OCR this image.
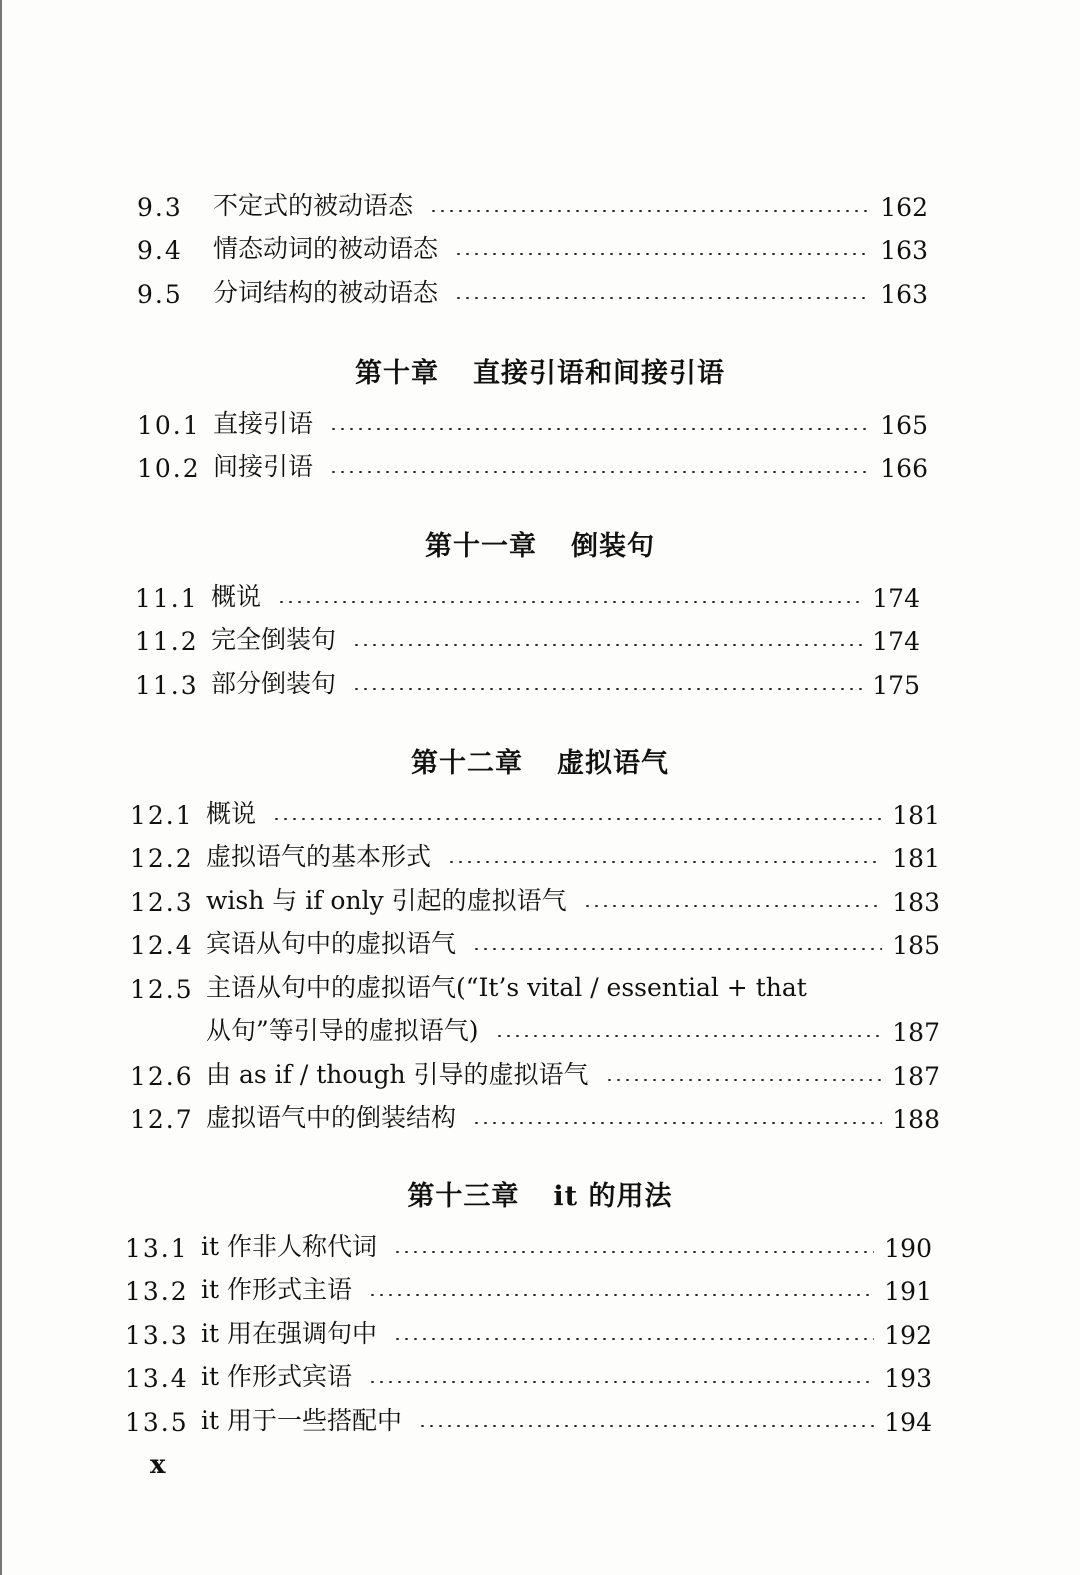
9.3	不定式的被动语态	162
9.4	情态动词的被动语态	163
9.5	分词结构的被动语态	163
第十章 直接引语和间接引语
10.1 直接引语	165
10.2 间接引语	166
第十一章 倒装句
11.1 概说	174
11.2 完全倒装句	174
11.3 部分倒装句	175
第十二章 虚拟语气
12.1 概说	181
12.2 虚拟语气的基本形式	181
12.3 wish 与 if only 引起的虚拟语气	183
12.4 宾语从句中的虚拟语气	185
12.5 主语从句中的虚拟语气(“It’s vital / essential + that
从句”等引导的虚拟语气)	187
12.6 由 as if / though 引导的虚拟语气	187
12.7 虚拟语气中的倒装结构	188
第十三章 it 的用法
13.1 it 作非人称代词	190
13.2 it 作形式主语	191
13.3 it 用在强调句中	192
13.4 it 作形式宾语	193
13.5 it 用于一些搭配中	194
x
